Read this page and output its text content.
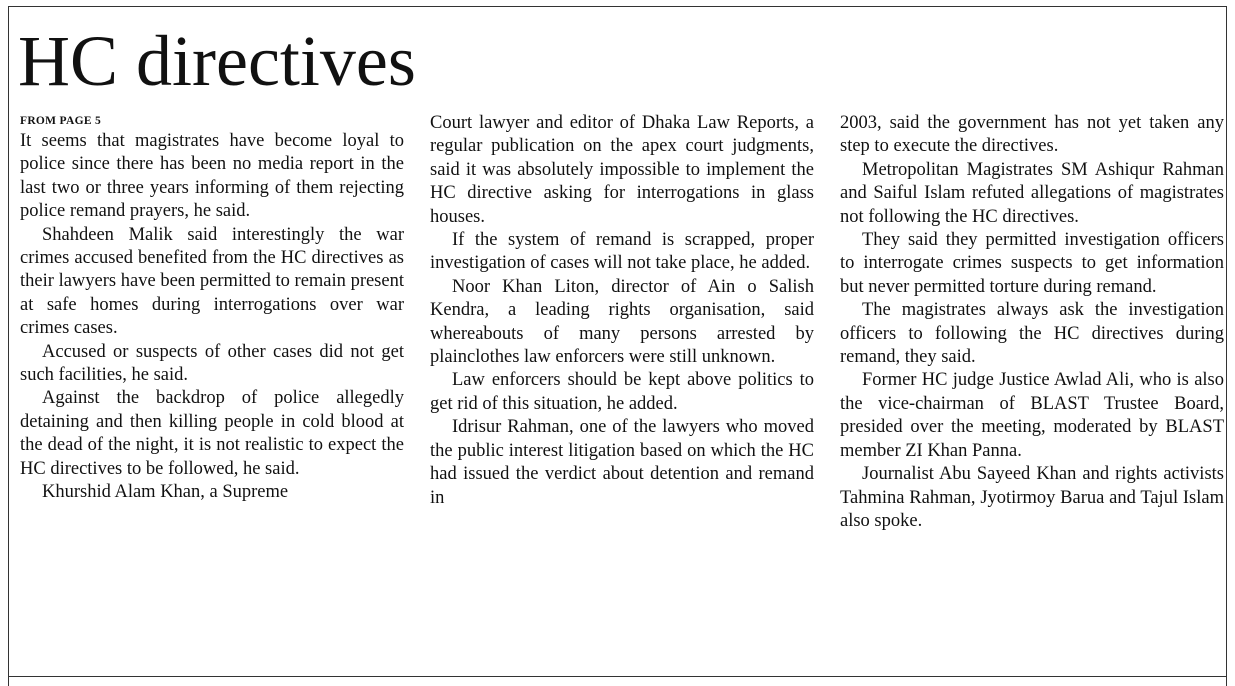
HC directives
FROM PAGE 5

It seems that magistrates have become loyal to police since there has been no media report in the last two or three years informing of them rejecting police remand prayers, he said.

Shahdeen Malik said interestingly the war crimes accused benefited from the HC directives as their lawyers have been permitted to remain present at safe homes during interrogations over war crimes cases.

Accused or suspects of other cases did not get such facilities, he said.

Against the backdrop of police allegedly detaining and then killing people in cold blood at the dead of the night, it is not realistic to expect the HC directives to be followed, he said.

Khurshid Alam Khan, a Supreme

Court lawyer and editor of Dhaka Law Reports, a regular publication on the apex court judgments, said it was absolutely impossible to implement the HC directive asking for interrogations in glass houses.

If the system of remand is scrapped, proper investigation of cases will not take place, he added.

Noor Khan Liton, director of Ain o Salish Kendra, a leading rights organisation, said whereabouts of many persons arrested by plainclothes law enforcers were still unknown.

Law enforcers should be kept above politics to get rid of this situation, he added.

Idrisur Rahman, one of the lawyers who moved the public interest litigation based on which the HC had issued the verdict about detention and remand in

2003, said the government has not yet taken any step to execute the directives.

Metropolitan Magistrates SM Ashiqur Rahman and Saiful Islam refuted allegations of magistrates not following the HC directives.

They said they permitted investigation officers to interrogate crimes suspects to get information but never permitted torture during remand.

The magistrates always ask the investigation officers to following the HC directives during remand, they said.

Former HC judge Justice Awlad Ali, who is also the vice-chairman of BLAST Trustee Board, presided over the meeting, moderated by BLAST member ZI Khan Panna.

Journalist Abu Sayeed Khan and rights activists Tahmina Rahman, Jyotirmoy Barua and Tajul Islam also spoke.
